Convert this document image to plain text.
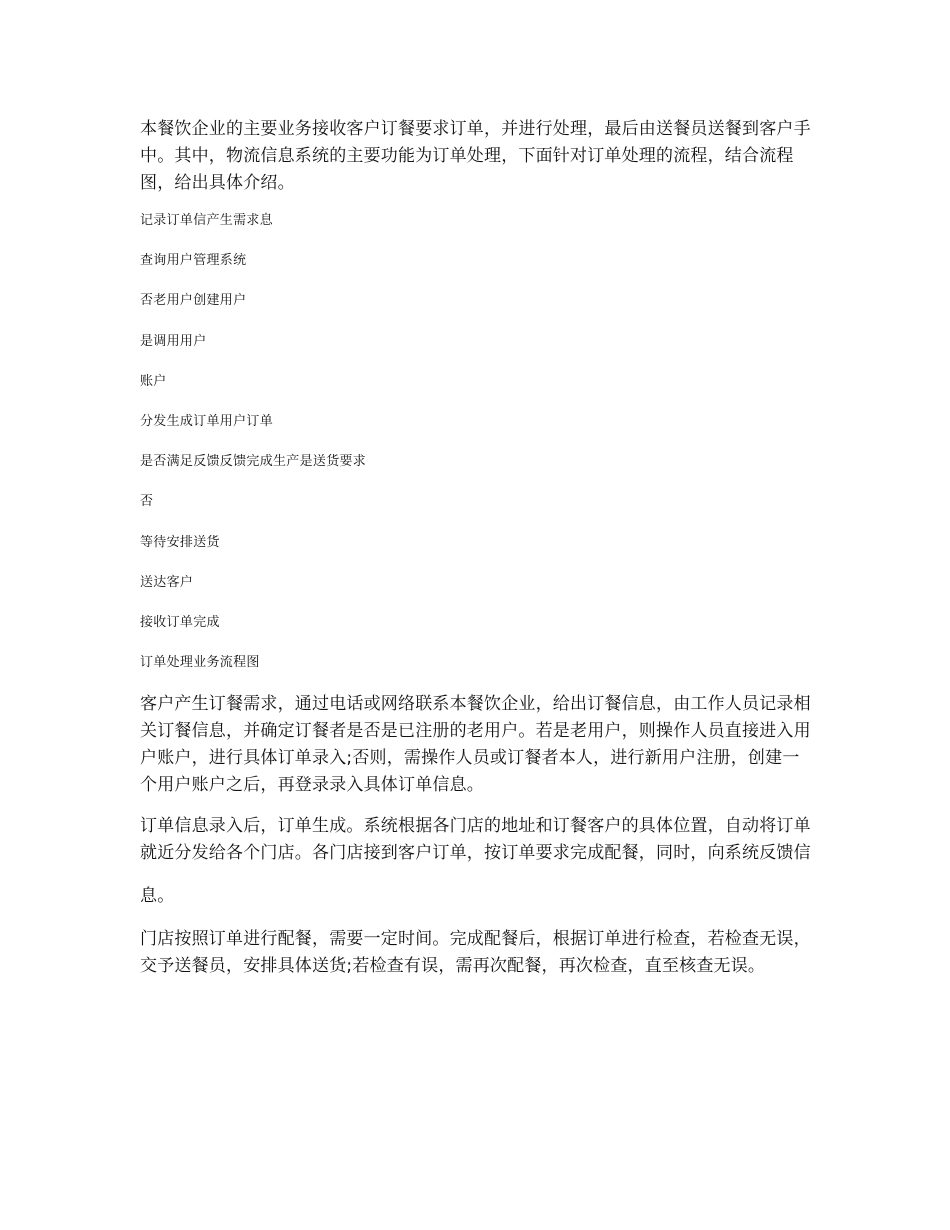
本餐饮企业的主要业务接收客户订餐要求订单，并进行处理，最后由送餐员送餐到客户手中。其中，物流信息系统的主要功能为订单处理，下面针对订单处理的流程，结合流程图，给出具体介绍。

记录订单信产生需求息
查询用户管理系统
否老用户创建用户
是调用用户
账户
分发生成订单用户订单
是否满足反馈反馈完成生产是送货要求
否
等待安排送货
送达客户
接收订单完成
订单处理业务流程图

客户产生订餐需求，通过电话或网络联系本餐饮企业，给出订餐信息，由工作人员记录相关订餐信息，并确定订餐者是否是已注册的老用户。若是老用户，则操作人员直接进入用户账户，进行具体订单录入;否则，需操作人员或订餐者本人，进行新用户注册，创建一个用户账户之后，再登录录入具体订单信息。

订单信息录入后，订单生成。系统根据各门店的地址和订餐客户的具体位置，自动将订单就近分发给各个门店。各门店接到客户订单，按订单要求完成配餐，同时，向系统反馈信

息。

门店按照订单进行配餐，需要一定时间。完成配餐后，根据订单进行检查，若检查无误，交予送餐员，安排具体送货;若检查有误，需再次配餐，再次检查，直至核查无误。
